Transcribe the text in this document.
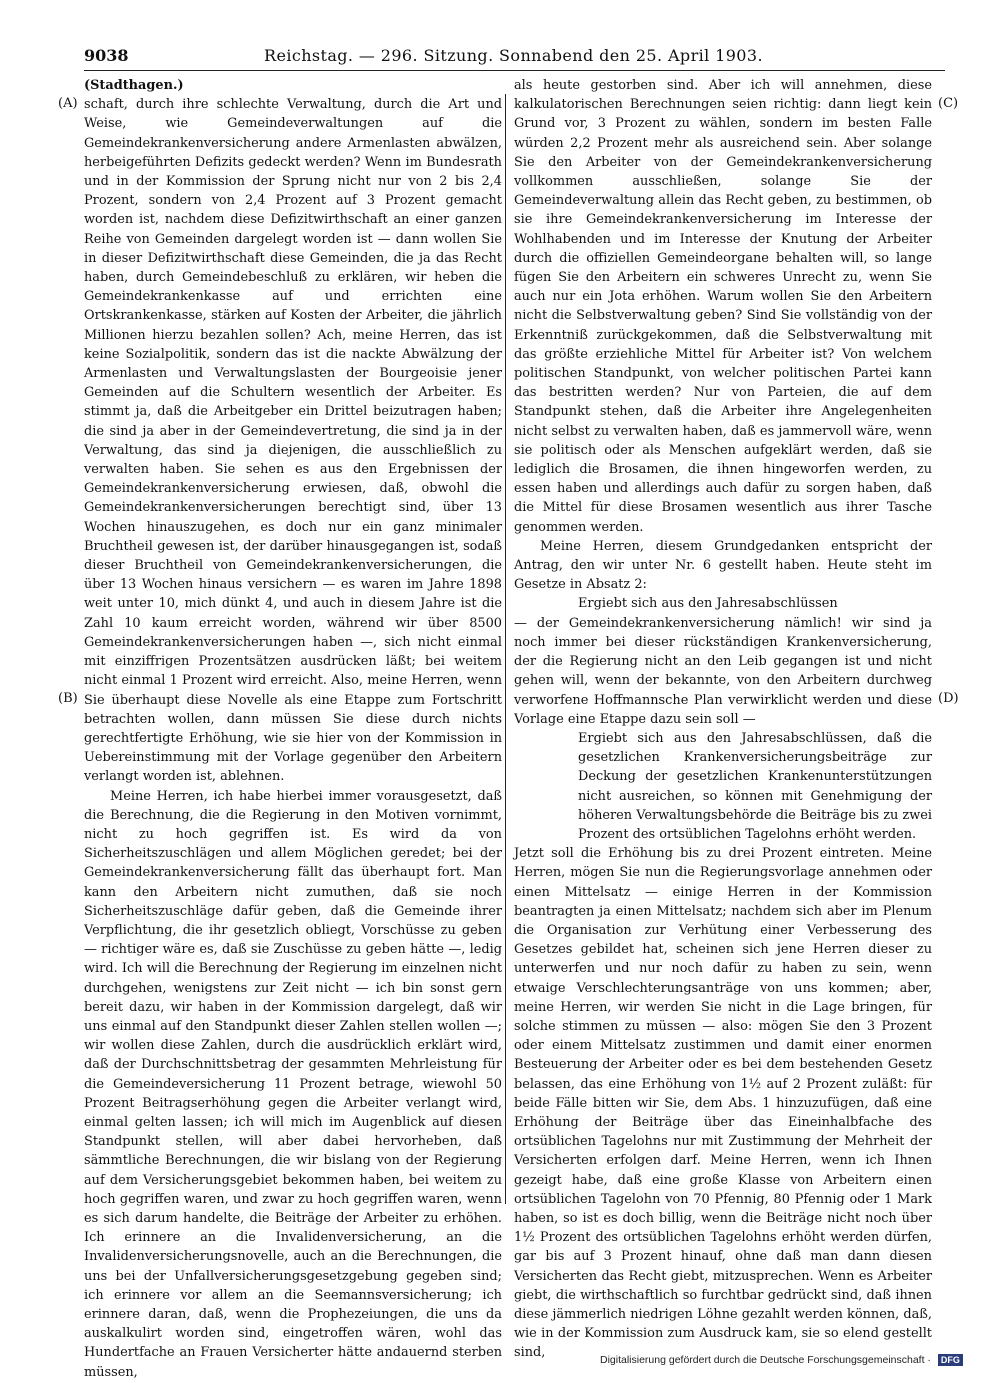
9038	Reichstag. — 296. Sitzung. Sonnabend den 25. April 1903.
(A)
(B)
(C)
(D)

(Stadthagen.)

schaft, durch ihre schlechte Verwaltung, durch die Art und Weise, wie Gemeindeverwaltungen auf die Gemeindekrankenversicherung andere Armenlasten abwälzen, herbeigeführten Defizits gedeckt werden? Wenn im Bundesrath und in der Kommission der Sprung nicht nur von 2 bis 2,4 Prozent, sondern von 2,4 Prozent auf 3 Prozent gemacht worden ist, nachdem diese Defizitwirthschaft an einer ganzen Reihe von Gemeinden dargelegt worden ist — dann wollen Sie in dieser Defizitwirthschaft diese Gemeinden, die ja das Recht haben, durch Gemeindebeschluß zu erklären, wir heben die Gemeindekrankenkasse auf und errichten eine Ortskrankenkasse, stärken auf Kosten der Arbeiter, die jährlich Millionen hierzu bezahlen sollen? Ach, meine Herren, das ist keine Sozialpolitik, sondern das ist die nackte Abwälzung der Armenlasten und Verwaltungslasten der Bourgeoisie jener Gemeinden auf die Schultern wesentlich der Arbeiter. Es stimmt ja, daß die Arbeitgeber ein Drittel beizutragen haben; die sind ja aber in der Gemeindevertretung, die sind ja in der Verwaltung, das sind ja diejenigen, die ausschließlich zu verwalten haben. Sie sehen es aus den Ergebnissen der Gemeindekrankenversicherung erwiesen, daß, obwohl die Gemeindekrankenversicherungen berechtigt sind, über 13 Wochen hinauszugehen, es doch nur ein ganz minimaler Bruchtheil gewesen ist, der darüber hinausgegangen ist, sodaß dieser Bruchtheil von Gemeindekrankenversicherungen, die über 13 Wochen hinaus versichern — es waren im Jahre 1898 weit unter 10, mich dünkt 4, und auch in diesem Jahre ist die Zahl 10 kaum erreicht worden, während wir über 8500 Gemeindekrankenversicherungen haben —, sich nicht einmal mit einziffrigen Prozentsätzen ausdrücken läßt; bei weitem nicht einmal 1 Prozent wird erreicht. Also, meine Herren, wenn Sie überhaupt diese Novelle als eine Etappe zum Fortschritt betrachten wollen, dann müssen Sie diese durch nichts gerechtfertigte Erhöhung, wie sie hier von der Kommission in Uebereinstimmung mit der Vorlage gegenüber den Arbeitern verlangt worden ist, ablehnen.

Meine Herren, ich habe hierbei immer vorausgesetzt, daß die Berechnung, die die Regierung in den Motiven vornimmt, nicht zu hoch gegriffen ist. Es wird da von Sicherheitszuschlägen und allem Möglichen geredet; bei der Gemeindekrankenversicherung fällt das überhaupt fort. Man kann den Arbeitern nicht zumuthen, daß sie noch Sicherheitszuschläge dafür geben, daß die Gemeinde ihrer Verpflichtung, die ihr gesetzlich obliegt, Vorschüsse zu geben — richtiger wäre es, daß sie Zuschüsse zu geben hätte —, ledig wird. Ich will die Berechnung der Regierung im einzelnen nicht durchgehen, wenigstens zur Zeit nicht — ich bin sonst gern bereit dazu, wir haben in der Kommission dargelegt, daß wir uns einmal auf den Standpunkt dieser Zahlen stellen wollen —; wir wollen diese Zahlen, durch die ausdrücklich erklärt wird, daß der Durchschnittsbetrag der gesammten Mehrleistung für die Gemeindeversicherung 11 Prozent betrage, wiewohl 50 Prozent Beitragserhöhung gegen die Arbeiter verlangt wird, einmal gelten lassen; ich will mich im Augenblick auf diesen Standpunkt stellen, will aber dabei hervorheben, daß sämmtliche Berechnungen, die wir bislang von der Regierung auf dem Versicherungsgebiet bekommen haben, bei weitem zu hoch gegriffen waren, und zwar zu hoch gegriffen waren, wenn es sich darum handelte, die Beiträge der Arbeiter zu erhöhen. Ich erinnere an die Invalidenversicherung, an die Invalidenversicherungsnovelle, auch an die Berechnungen, die uns bei der Unfallversicherungsgesetzgebung gegeben sind; ich erinnere vor allem an die Seemannsversicherung; ich erinnere daran, daß, wenn die Prophezeiungen, die uns da auskalkulirt worden sind, eingetroffen wären, wohl das Hundertfache an Frauen Versicherter hätte andauernd sterben müssen,

als heute gestorben sind. Aber ich will annehmen, diese kalkulatorischen Berechnungen seien richtig: dann liegt kein Grund vor, 3 Prozent zu wählen, sondern im besten Falle würden 2,2 Prozent mehr als ausreichend sein. Aber solange Sie den Arbeiter von der Gemeindekrankenversicherung vollkommen ausschließen, solange Sie der Gemeindeverwaltung allein das Recht geben, zu bestimmen, ob sie ihre Gemeindekrankenversicherung im Interesse der Wohlhabenden und im Interesse der Knutung der Arbeiter durch die offiziellen Gemeindeorgane behalten will, so lange fügen Sie den Arbeitern ein schweres Unrecht zu, wenn Sie auch nur ein Jota erhöhen. Warum wollen Sie den Arbeitern nicht die Selbstverwaltung geben? Sind Sie vollständig von der Erkenntniß zurückgekommen, daß die Selbstverwaltung mit das größte erziehliche Mittel für Arbeiter ist? Von welchem politischen Standpunkt, von welcher politischen Partei kann das bestritten werden? Nur von Parteien, die auf dem Standpunkt stehen, daß die Arbeiter ihre Angelegenheiten nicht selbst zu verwalten haben, daß es jammervoll wäre, wenn sie politisch oder als Menschen aufgeklärt werden, daß sie lediglich die Brosamen, die ihnen hingeworfen werden, zu essen haben und allerdings auch dafür zu sorgen haben, daß die Mittel für diese Brosamen wesentlich aus ihrer Tasche genommen werden.

Meine Herren, diesem Grundgedanken entspricht der Antrag, den wir unter Nr. 6 gestellt haben. Heute steht im Gesetze in Absatz 2:

Ergiebt sich aus den Jahresabschlüssen

— der Gemeindekrankenversicherung nämlich! wir sind ja noch immer bei dieser rückständigen Krankenversicherung, der die Regierung nicht an den Leib gegangen ist und nicht gehen will, wenn der bekannte, von den Arbeitern durchweg verworfene Hoffmannsche Plan verwirklicht werden und diese Vorlage eine Etappe dazu sein soll —

Ergiebt sich aus den Jahresabschlüssen, daß die gesetzlichen Krankenversicherungsbeiträge zur Deckung der gesetzlichen Krankenunterstützungen nicht ausreichen, so können mit Genehmigung der höheren Verwaltungsbehörde die Beiträge bis zu zwei Prozent des ortsüblichen Tagelohns erhöht werden.

Jetzt soll die Erhöhung bis zu drei Prozent eintreten. Meine Herren, mögen Sie nun die Regierungsvorlage annehmen oder einen Mittelsatz — einige Herren in der Kommission beantragten ja einen Mittelsatz; nachdem sich aber im Plenum die Organisation zur Verhütung einer Verbesserung des Gesetzes gebildet hat, scheinen sich jene Herren dieser zu unterwerfen und nur noch dafür zu haben zu sein, wenn etwaige Verschlechterungsanträge von uns kommen; aber, meine Herren, wir werden Sie nicht in die Lage bringen, für solche stimmen zu müssen — also: mögen Sie den 3 Prozent oder einem Mittelsatz zustimmen und damit einer enormen Besteuerung der Arbeiter oder es bei dem bestehenden Gesetz belassen, das eine Erhöhung von 1½ auf 2 Prozent zuläßt: für beide Fälle bitten wir Sie, dem Abs. 1 hinzuzufügen, daß eine Erhöhung der Beiträge über das Eineinhalbfache des ortsüblichen Tagelohns nur mit Zustimmung der Mehrheit der Versicherten erfolgen darf. Meine Herren, wenn ich Ihnen gezeigt habe, daß eine große Klasse von Arbeitern einen ortsüblichen Tagelohn von 70 Pfennig, 80 Pfennig oder 1 Mark haben, so ist es doch billig, wenn die Beiträge nicht noch über 1½ Prozent des ortsüblichen Tagelohns erhöht werden dürfen, gar bis auf 3 Prozent hinauf, ohne daß man dann diesen Versicherten das Recht giebt, mitzusprechen. Wenn es Arbeiter giebt, die wirthschaftlich so furchtbar gedrückt sind, daß ihnen diese jämmerlich niedrigen Löhne gezahlt werden können, daß, wie in der Kommission zum Ausdruck kam, sie so elend gestellt sind,	Digitalisierung gefördert durch die Deutsche Forschungsgemeinschaft · DFG
